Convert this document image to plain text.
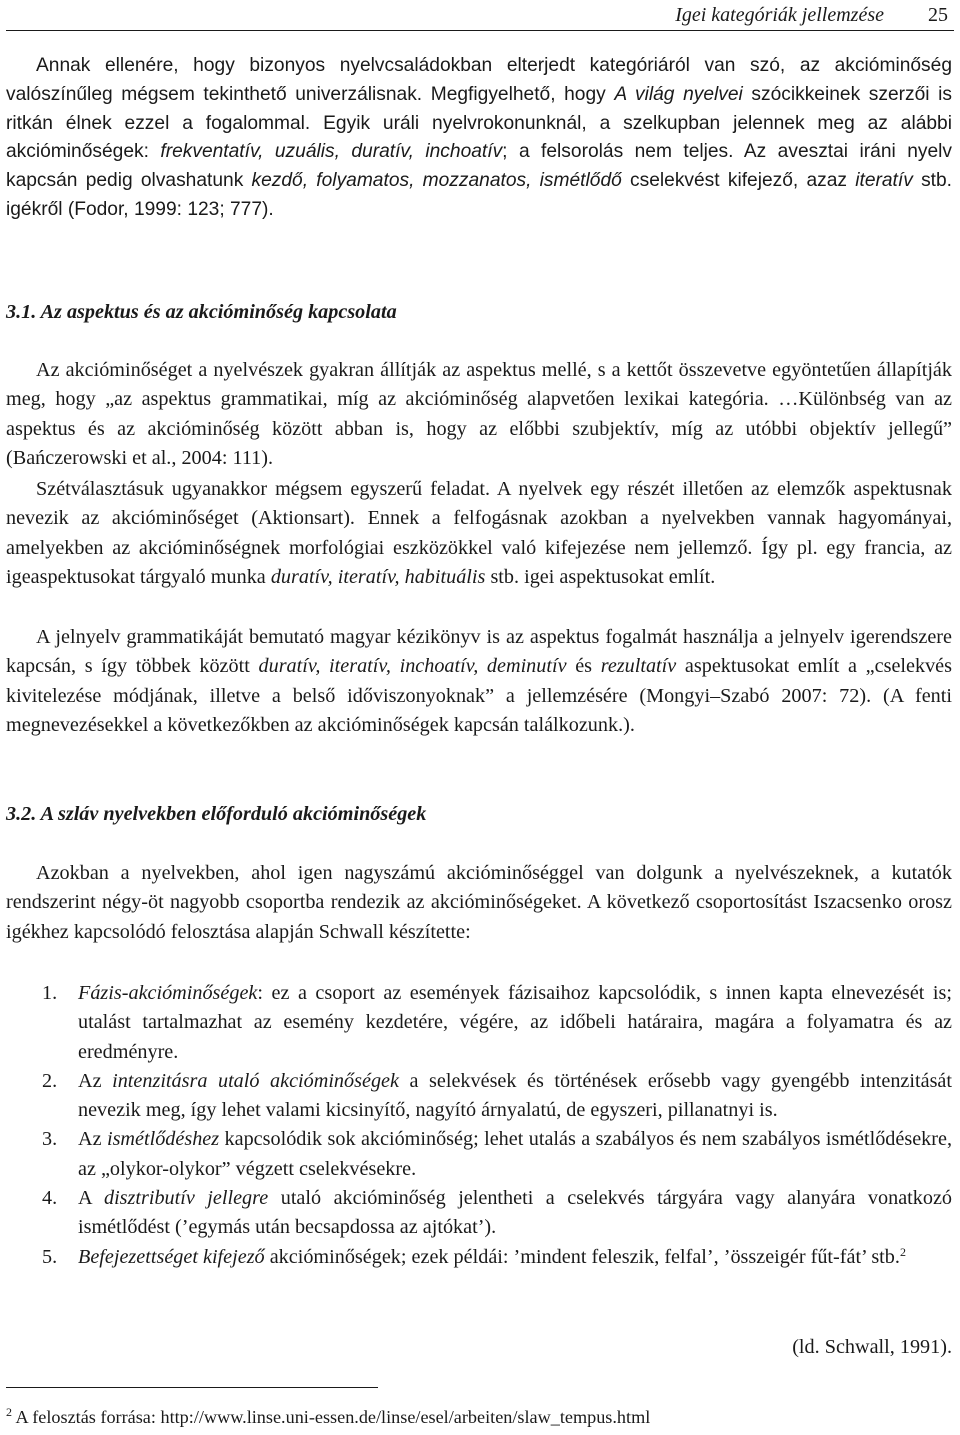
Igei kategóriák jellemzése 25

Annak ellenére, hogy bizonyos nyelvcsaládokban elterjedt kategóriáról van szó, az akcióminőség valószínűleg mégsem tekinthető univerzálisnak. Megfigyelhető, hogy A világ nyelvei szócikkeinek szerzői is ritkán élnek ezzel a fogalommal. Egyik uráli nyelvrokonunknál, a szelkupban jelennek meg az alábbi akcióminőségek: frekventatív, uzuális, duratív, inchoatív; a felsorolás nem teljes. Az avesztai iráni nyelv kapcsán pedig olvashatunk kezdő, folyamatos, mozzanatos, ismétlődő cselekvést kifejező, azaz iteratív stb. igékről (Fodor, 1999: 123; 777).

3.1. Az aspektus és az akcióminőség kapcsolata

Az akcióminőséget a nyelvészek gyakran állítják az aspektus mellé, s a kettőt összevetve egyöntetűen állapítják meg, hogy „az aspektus grammatikai, míg az akcióminőség alapvetően lexikai kategória. …Különbség van az aspektus és az akcióminőség között abban is, hogy az előbbi szubjektív, míg az utóbbi objektív jellegű” (Bańczerowski et al., 2004: 111).

Szétválasztásuk ugyanakkor mégsem egyszerű feladat. A nyelvek egy részét illetően az elemzők aspektusnak nevezik az akcióminőséget (Aktionsart). Ennek a felfogásnak azokban a nyelvekben vannak hagyományai, amelyekben az akcióminőségnek morfológiai eszközökkel való kifejezése nem jellemző. Így pl. egy francia, az igeaspektusokat tárgyaló munka duratív, iteratív, habituális stb. igei aspektusokat említ.

A jelnyelv grammatikáját bemutató magyar kézikönyv is az aspektus fogalmát használja a jelnyelv igerendszere kapcsán, s így többek között duratív, iteratív, inchoatív, deminutív és rezultatív aspektusokat említ a „cselekvés kivitelezése módjának, illetve a belső időviszonyoknak” a jellemzésére (Mongyi–Szabó 2007: 72). (A fenti megnevezésekkel a következőkben az akcióminőségek kapcsán találkozunk.).

3.2. A szláv nyelvekben előforduló akcióminőségek

Azokban a nyelvekben, ahol igen nagyszámú akcióminőséggel van dolgunk a nyelvészeknek, a kutatók rendszerint négy-öt nagyobb csoportba rendezik az akcióminőségeket. A következő csoportosítást Iszacsenko orosz igékhez kapcsolódó felosztása alapján Schwall készítette:

1. Fázis-akcióminőségek: ez a csoport az események fázisaihoz kapcsolódik, s innen kapta elnevezését is; utalást tartalmazhat az esemény kezdetére, végére, az időbeli határaira, magára a folyamatra és az eredményre.
2. Az intenzitásra utaló akcióminőségek a selekvések és történések erősebb vagy gyengébb intenzitását nevezik meg, így lehet valami kicsinyítő, nagyító árnyalatú, de egyszeri, pillanatnyi is.
3. Az ismétlődéshez kapcsolódik sok akcióminőség; lehet utalás a szabályos és nem szabályos ismétlődésekre, az „olykor-olykor” végzett cselekvésekre.
4. A disztributív jellegre utaló akcióminőség jelentheti a cselekvés tárgyára vagy alanyára vonatkozó ismétlődést (’egymás után becsapdossa az ajtókat’).
5. Befejezettséget kifejező akcióminőségek; ezek példái: ’mindent feleszik, felfal’, ’összeigér fűt-fát’ stb.$^2$
(ld. Schwall, 1991).
$^2$ A felosztás forrása: http://www.linse.uni-essen.de/linse/esel/arbeiten/slaw_tempus.html
